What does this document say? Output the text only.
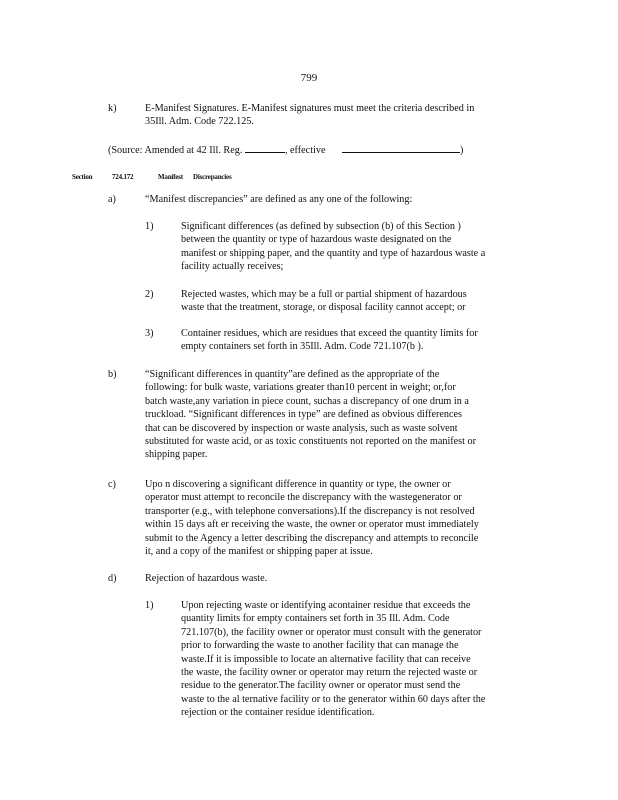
799
k)	E-Manifest Signatures. E-Manifest signatures must meet the criteria described in
35Ill. Adm. Code 722.125.
(Source: Amended at 42 Ill. Reg.	, effective	)
Section	724.172	Manifest Discrepancies
a)	“Manifest discrepancies” are defined as any one of the following:
1)	Significant differences (as defined by subsection (b) of this Section )
between the quantity or type of hazardous waste designated on the
manifest or shipping paper, and the quantity and type of hazardous waste a
facility actually receives;
2)	Rejected wastes, which may be a full or partial shipment of hazardous
waste that the treatment, storage, or disposal facility cannot accept; or
3)	Container residues, which are residues that exceed the quantity limits for
empty containers set forth in 35Ill. Adm. Code 721.107(b ).
b)	“Significant differences in quantity”are defined as the appropriate of the
following: for bulk waste, variations greater than10 percent in weight; or,for
batch waste,any variation in piece count, suchas a discrepancy of one drum in a
truckload. “Significant differences in type” are defined as obvious differences
that can be discovered by inspection or waste analysis, such as waste solvent
substituted for waste acid, or as toxic constituents not reported on the manifest or
shipping paper.
c)	Upo n discovering a significant difference in quantity or type, the owner or
operator must attempt to reconcile the discrepancy with the wastegenerator or
transporter (e.g., with telephone conversations).If the discrepancy is not resolved
within 15 days aft er receiving the waste, the owner or operator must immediately
submit to the Agency a letter describing the discrepancy and attempts to reconcile
it, and a copy of the manifest or shipping paper at issue.
d)	Rejection of hazardous waste.
1)	Upon rejecting waste or identifying acontainer residue that exceeds the
quantity limits for empty containers set forth in 35 Ill. Adm. Code
721.107(b), the facility owner or operator must consult with the generator
prior to forwarding the waste to another facility that can manage the
waste.If it is impossible to locate an alternative facility that can receive
the waste, the facility owner or operator may return the rejected waste or
residue to the generator.The facility owner or operator must send the
waste to the al ternative facility or to the generator within 60 days after the
rejection or the container residue identification.
